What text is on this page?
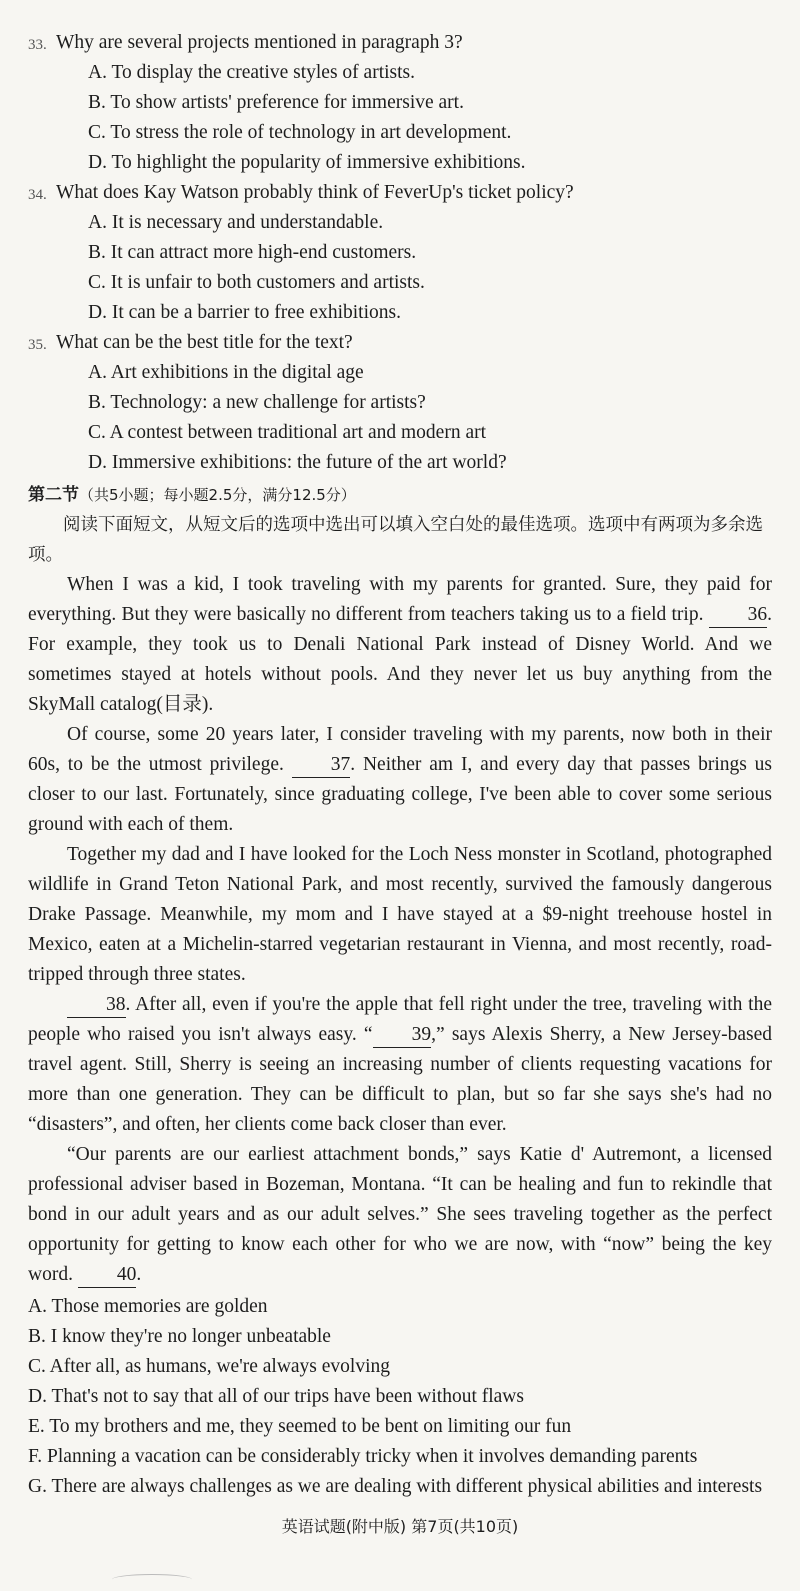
33. Why are several projects mentioned in paragraph 3?
A. To display the creative styles of artists.
B. To show artists' preference for immersive art.
C. To stress the role of technology in art development.
D. To highlight the popularity of immersive exhibitions.
34. What does Kay Watson probably think of FeverUp's ticket policy?
A. It is necessary and understandable.
B. It can attract more high-end customers.
C. It is unfair to both customers and artists.
D. It can be a barrier to free exhibitions.
35. What can be the best title for the text?
A. Art exhibitions in the digital age
B. Technology: a new challenge for artists?
C. A contest between traditional art and modern art
D. Immersive exhibitions: the future of the art world?
第二节（共5小题；每小题2.5分，满分12.5分）
阅读下面短文，从短文后的选项中选出可以填入空白处的最佳选项。选项中有两项为多余选项。

When I was a kid, I took traveling with my parents for granted. Sure, they paid for everything. But they were basically no different from teachers taking us to a field trip. 36. For example, they took us to Denali National Park instead of Disney World. And we sometimes stayed at hotels without pools. And they never let us buy anything from the SkyMall catalog(目录).

Of course, some 20 years later, I consider traveling with my parents, now both in their 60s, to be the utmost privilege. 37. Neither am I, and every day that passes brings us closer to our last. Fortunately, since graduating college, I've been able to cover some serious ground with each of them.

Together my dad and I have looked for the Loch Ness monster in Scotland, photographed wildlife in Grand Teton National Park, and most recently, survived the famously dangerous Drake Passage. Meanwhile, my mom and I have stayed at a $9-night treehouse hostel in Mexico, eaten at a Michelin-starred vegetarian restaurant in Vienna, and most recently, road-tripped through three states.

38. After all, even if you're the apple that fell right under the tree, traveling with the people who raised you isn't always easy. “ 39,” says Alexis Sherry, a New Jersey-based travel agent. Still, Sherry is seeing an increasing number of clients requesting vacations for more than one generation. They can be difficult to plan, but so far she says she's had no “disasters”, and often, her clients come back closer than ever.

“Our parents are our earliest attachment bonds,” says Katie d' Autremont, a licensed professional adviser based in Bozeman, Montana. “It can be healing and fun to rekindle that bond in our adult years and as our adult selves.” She sees traveling together as the perfect opportunity for getting to know each other for who we are now, with “now” being the key word. 40.

A. Those memories are golden
B. I know they're no longer unbeatable
C. After all, as humans, we're always evolving
D. That's not to say that all of our trips have been without flaws
E. To my brothers and me, they seemed to be bent on limiting our fun
F. Planning a vacation can be considerably tricky when it involves demanding parents
G. There are always challenges as we are dealing with different physical abilities and interests
英语试题(附中版) 第7页(共10页)
